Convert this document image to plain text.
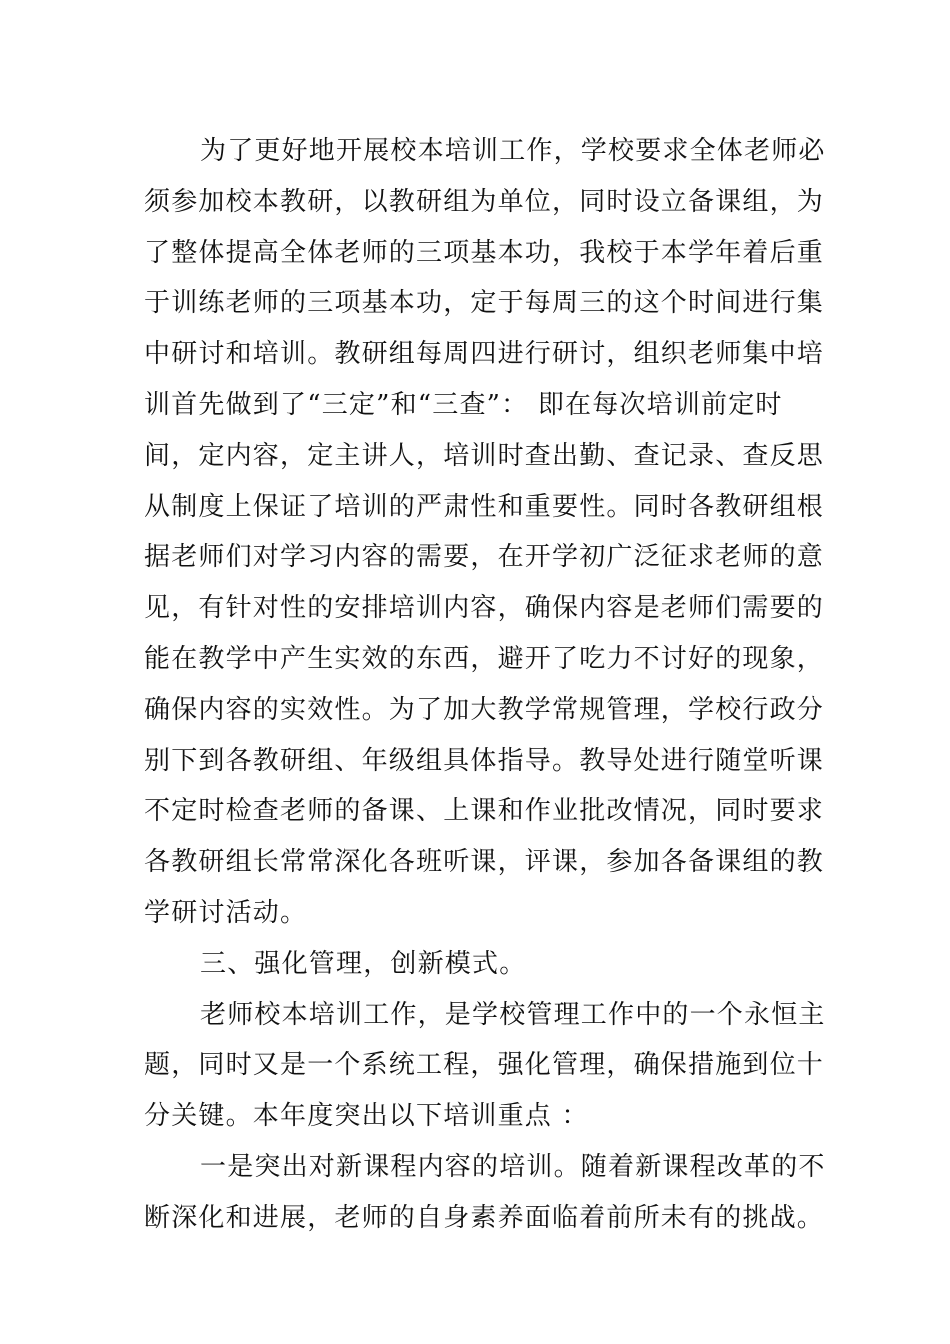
为了更好地开展校本培训工作，学校要求全体老师必
须参加校本教研，以教研组为单位，同时设立备课组，为
了整体提高全体老师的三项基本功，我校于本学年着后重
于训练老师的三项基本功，定于每周三的这个时间进行集
中研讨和培训。教研组每周四进行研讨，组织老师集中培
训首先做到了“三定”和“三查”： 即在每次培训前定时
间，定内容，定主讲人，培训时查出勤、查记录、查反思
从制度上保证了培训的严肃性和重要性。同时各教研组根
据老师们对学习内容的需要，在开学初广泛征求老师的意
见，有针对性的安排培训内容，确保内容是老师们需要的
能在教学中产生实效的东西，避开了吃力不讨好的现象，
确保内容的实效性。为了加大教学常规管理，学校行政分
别下到各教研组、年级组具体指导。教导处进行随堂听课
不定时检查老师的备课、上课和作业批改情况，同时要求
各教研组长常常深化各班听课，评课，参加各备课组的教
学研讨活动。
三、强化管理，创新模式。
老师校本培训工作，是学校管理工作中的一个永恒主
题，同时又是一个系统工程，强化管理，确保措施到位十
分关键。本年度突出以下培训重点 ：
一是突出对新课程内容的培训。随着新课程改革的不
断深化和进展，老师的自身素养面临着前所未有的挑战。
